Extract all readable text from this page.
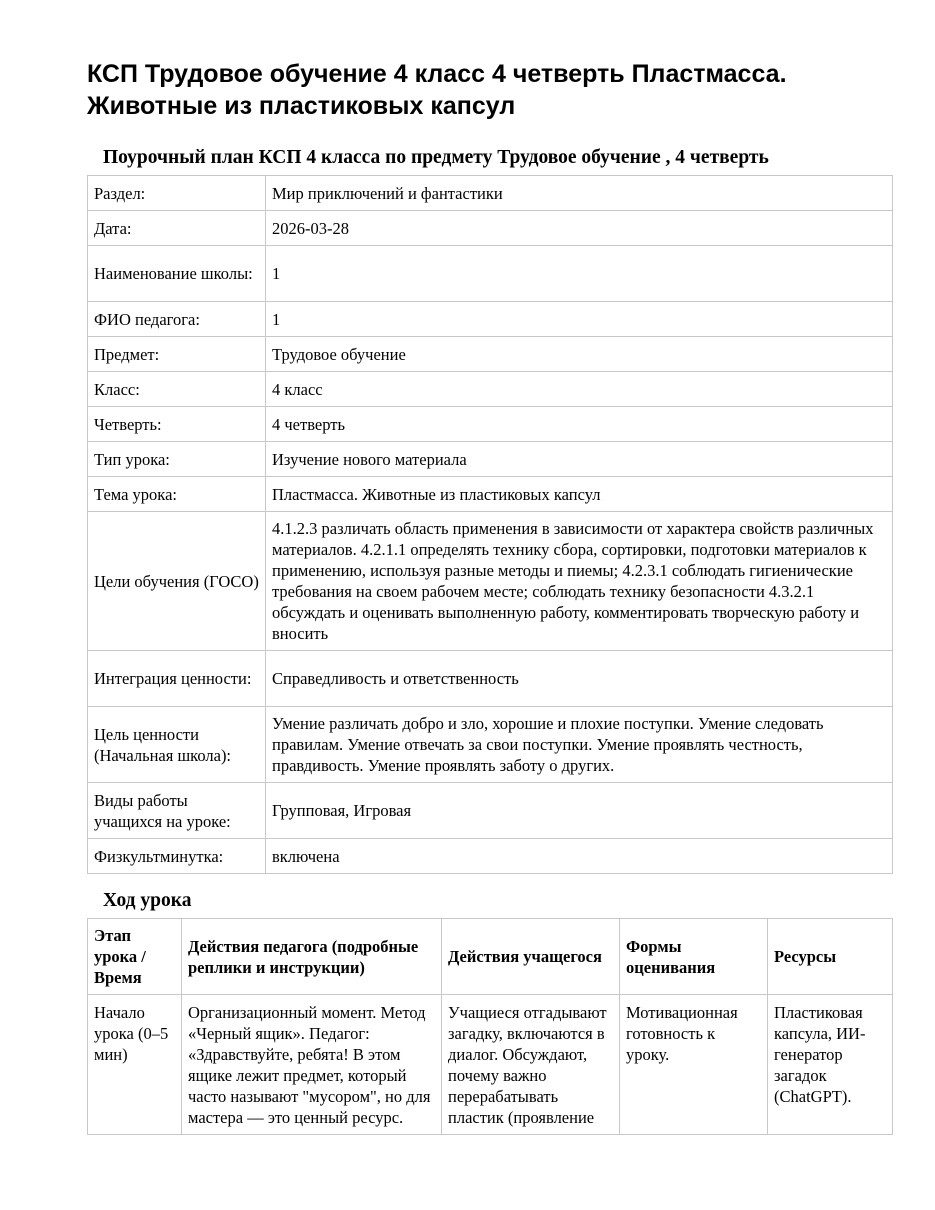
КСП Трудовое обучение 4 класс 4 четверть Пластмасса. Животные из пластиковых капсул
Поурочный план КСП 4 класса по предмету Трудовое обучение , 4 четверть
Раздел:	Мир приключений и фантастики
Дата:	2026-03-28
Наименование школы:	1
ФИО педагога:	1
Предмет:	Трудовое обучение
Класс:	4 класс
Четверть:	4 четверть
Тип урока:	Изучение нового материала
Тема урока:	Пластмасса. Животные из пластиковых капсул
Цели обучения (ГОСО)	4.1.2.3 различать область применения в зависимости от характера свойств различных материалов. 4.2.1.1 определять технику сбора, сортировки, подготовки материалов к применению, используя разные методы и пиемы; 4.2.3.1 соблюдать гигиенические требования на своем рабочем месте; соблюдать технику безопасности 4.3.2.1 обсуждать и оценивать выполненную работу, комментировать творческую работу и вносить
Интеграция ценности:	Справедливость и ответственность
Цель ценности (Начальная школа):	Умение различать добро и зло, хорошие и плохие поступки. Умение следовать правилам. Умение отвечать за свои поступки. Умение проявлять честность, правдивость. Умение проявлять заботу о других.
Виды работы учащихся на уроке:	Групповая, Игровая
Физкультминутка:	включена
Ход урока
Этап урока / Время	Действия педагога (подробные реплики и инструкции)	Действия учащегося	Формы оценивания	Ресурсы
Начало урока (0–5 мин)	Организационный момент. Метод «Черный ящик». Педагог: «Здравствуйте, ребята! В этом ящике лежит предмет, который часто называют "мусором", но для мастера — это ценный ресурс.	Учащиеся отгадывают загадку, включаются в диалог. Обсуждают, почему важно перерабатывать пластик (проявление	Мотивационная готовность к уроку.	Пластиковая капсула, ИИ-генератор загадок (ChatGPT).
